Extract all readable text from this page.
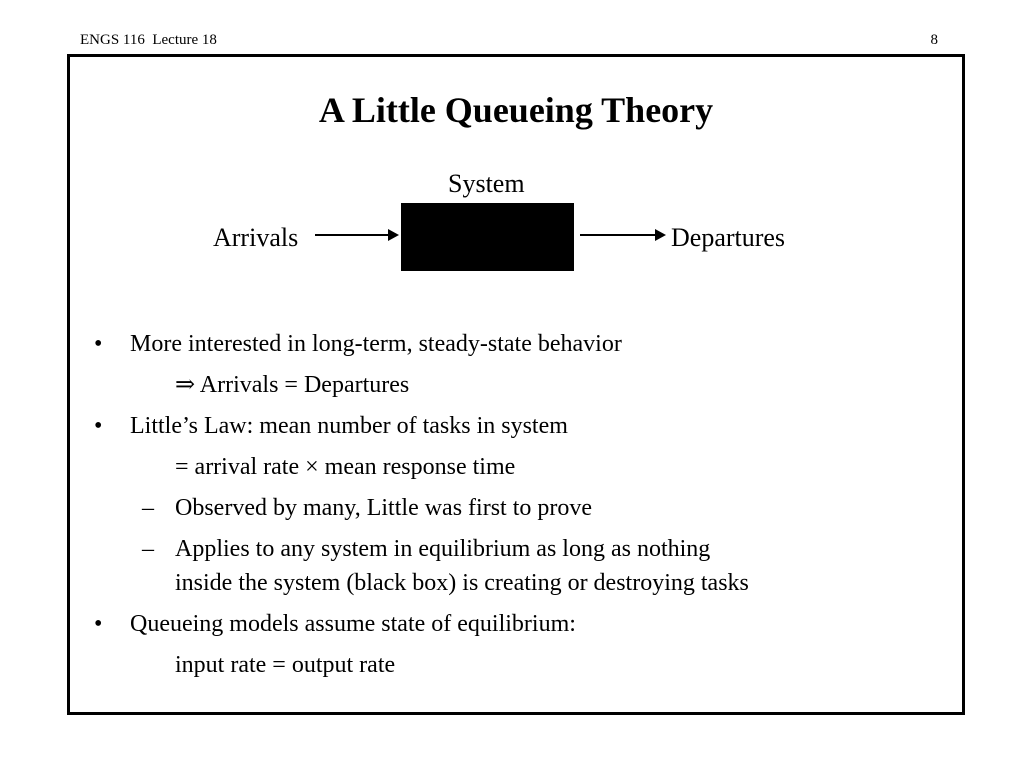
ENGS 116  Lecture 18	8
A Little Queueing Theory
System
Arrivals	Departures
• More interested in long-term, steady-state behavior
⇒ Arrivals = Departures
• Little’s Law: mean number of tasks in system
= arrival rate × mean response time
– Observed by many, Little was first to prove
– Applies to any system in equilibrium as long as nothing
inside the system (black box) is creating or destroying tasks
• Queueing models assume state of equilibrium:
input rate = output rate
